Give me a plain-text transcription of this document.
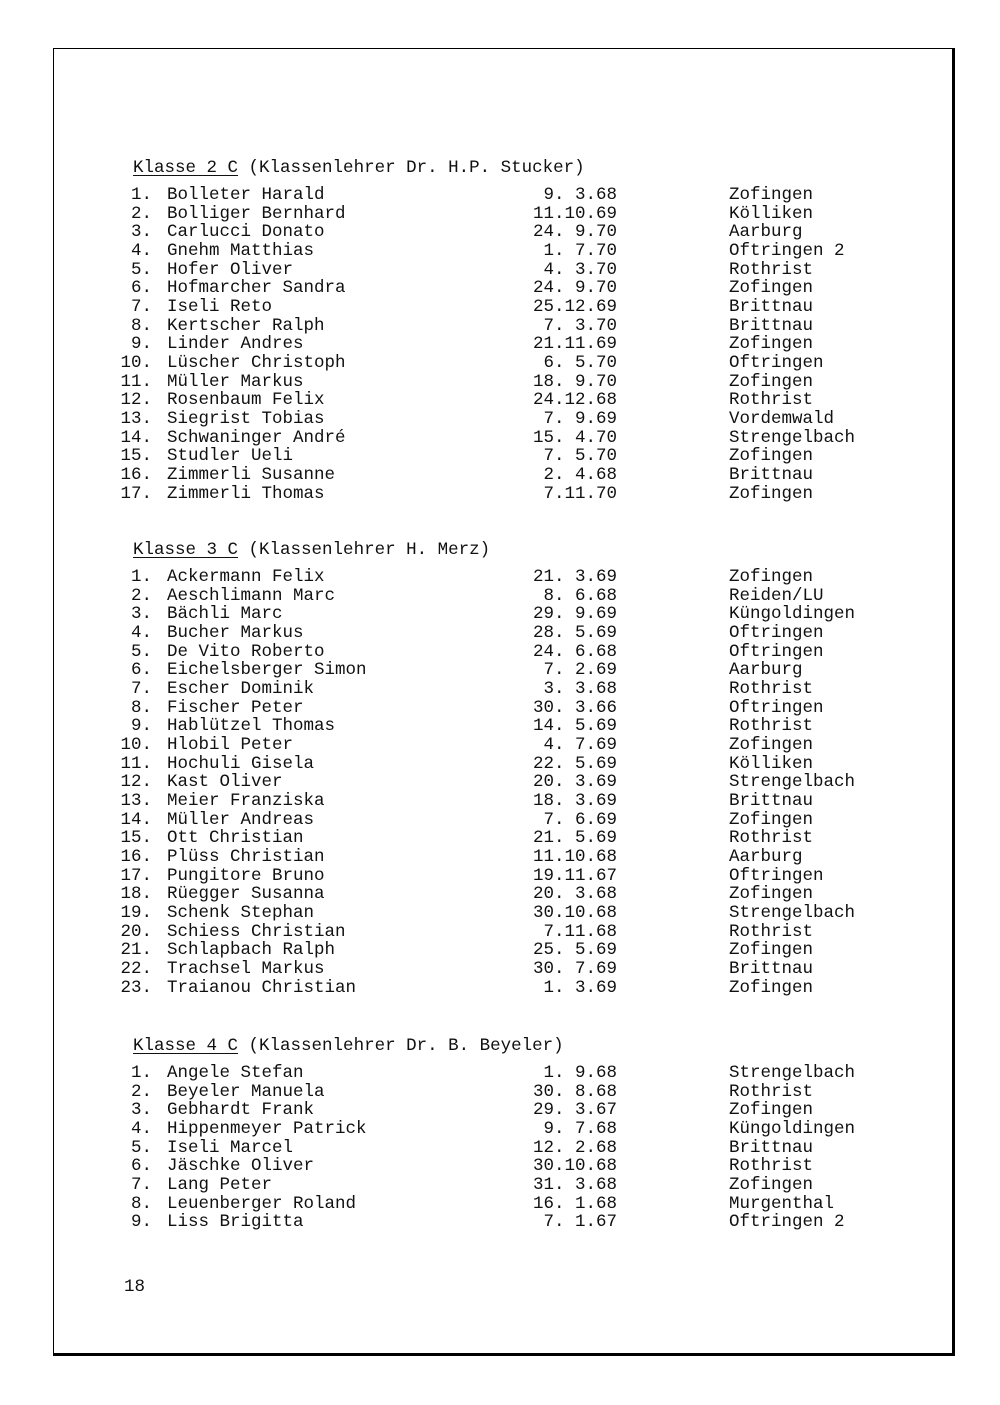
Klasse 2 C (Klassenlehrer Dr. H.P. Stucker)
1. Bolleter Harald	9. 3.68	Zofingen
2. Bolliger Bernhard	11.10.69	Kölliken
3. Carlucci Donato	24. 9.70	Aarburg
4. Gnehm Matthias	1. 7.70	Oftringen 2
5. Hofer Oliver	4. 3.70	Rothrist
6. Hofmarcher Sandra	24. 9.70	Zofingen
7. Iseli Reto	25.12.69	Brittnau
8. Kertscher Ralph	7. 3.70	Brittnau
9. Linder Andres	21.11.69	Zofingen
10. Lüscher Christoph	6. 5.70	Oftringen
11. Müller Markus	18. 9.70	Zofingen
12. Rosenbaum Felix	24.12.68	Rothrist
13. Siegrist Tobias	7. 9.69	Vordemwald
14. Schwaninger André	15. 4.70	Strengelbach
15. Studler Ueli	7. 5.70	Zofingen
16. Zimmerli Susanne	2. 4.68	Brittnau
17. Zimmerli Thomas	7.11.70	Zofingen
Klasse 3 C (Klassenlehrer H. Merz)
1. Ackermann Felix	21. 3.69	Zofingen
2. Aeschlimann Marc	8. 6.68	Reiden/LU
3. Bächli Marc	29. 9.69	Küngoldingen
4. Bucher Markus	28. 5.69	Oftringen
5. De Vito Roberto	24. 6.68	Oftringen
6. Eichelsberger Simon	7. 2.69	Aarburg
7. Escher Dominik	3. 3.68	Rothrist
8. Fischer Peter	30. 3.66	Oftringen
9. Hablützel Thomas	14. 5.69	Rothrist
10. Hlobil Peter	4. 7.69	Zofingen
11. Hochuli Gisela	22. 5.69	Kölliken
12. Kast Oliver	20. 3.69	Strengelbach
13. Meier Franziska	18. 3.69	Brittnau
14. Müller Andreas	7. 6.69	Zofingen
15. Ott Christian	21. 5.69	Rothrist
16. Plüss Christian	11.10.68	Aarburg
17. Pungitore Bruno	19.11.67	Oftringen
18. Rüegger Susanna	20. 3.68	Zofingen
19. Schenk Stephan	30.10.68	Strengelbach
20. Schiess Christian	7.11.68	Rothrist
21. Schlapbach Ralph	25. 5.69	Zofingen
22. Trachsel Markus	30. 7.69	Brittnau
23. Traianou Christian	1. 3.69	Zofingen
Klasse 4 C (Klassenlehrer Dr. B. Beyeler)
1. Angele Stefan	1. 9.68	Strengelbach
2. Beyeler Manuela	30. 8.68	Rothrist
3. Gebhardt Frank	29. 3.67	Zofingen
4. Hippenmeyer Patrick	9. 7.68	Küngoldingen
5. Iseli Marcel	12. 2.68	Brittnau
6. Jäschke Oliver	30.10.68	Rothrist
7. Lang Peter	31. 3.68	Zofingen
8. Leuenberger Roland	16. 1.68	Murgenthal
9. Liss Brigitta	7. 1.67	Oftringen 2
18
